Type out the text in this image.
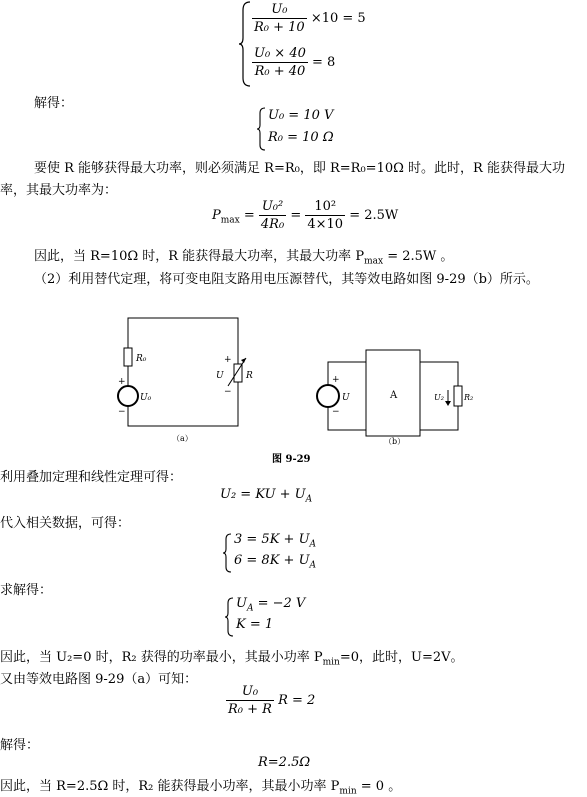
$\frac{\text{U₀}}{\text{R₀ + 10}} \times 10 = 5$
$\frac{\text{U₀ × 40}}{\text{R₀ + 40}} = 8$
解得：
U₀ = 10 V
R₀ = 10 Ω
要使 R 能够获得最大功率，则必须满足 R=R₀，即 R=R₀=10Ω 时。此时，R 能获得最大功
率，其最大功率为：
$P_{max} = \frac{\text{U₀²}}{\text{4R₀}} = \frac{\text{10²}}{4\times 10} = 2.5W$
因此，当 R=10Ω 时，R 能获得最大功率，其最大功率 $P_{max} = 2.5W$ 。
（2）利用替代定理，将可变电阻支路用电压源替代，其等效电路如图 9-29（b）所示。
R₀
+
−
U₀
+
−
U R
（a）
A
+
−
U	U₂	R₂
（b）
图 9-29
利用叠加定理和线性定理可得：
U₂ = KU + $U_A$
代入相关数据，可得：
$3 = 5K + U_A$
$6 = 8K + U_A$
求解得：
$U_A = -2$ V
K = 1
因此，当 U₂=0 时，R₂ 获得的功率最小，其最小功率 $P_{min}=0$，此时，U=2V。
又由等效电路图 9-29（a）可知：
$\frac{\text{U₀}}{\text{R₀ + R}}$ R = 2
解得：
R=2.5Ω
因此，当 R=2.5Ω 时，R₂ 能获得最小功率，其最小功率 $P_{min} = 0$ 。
